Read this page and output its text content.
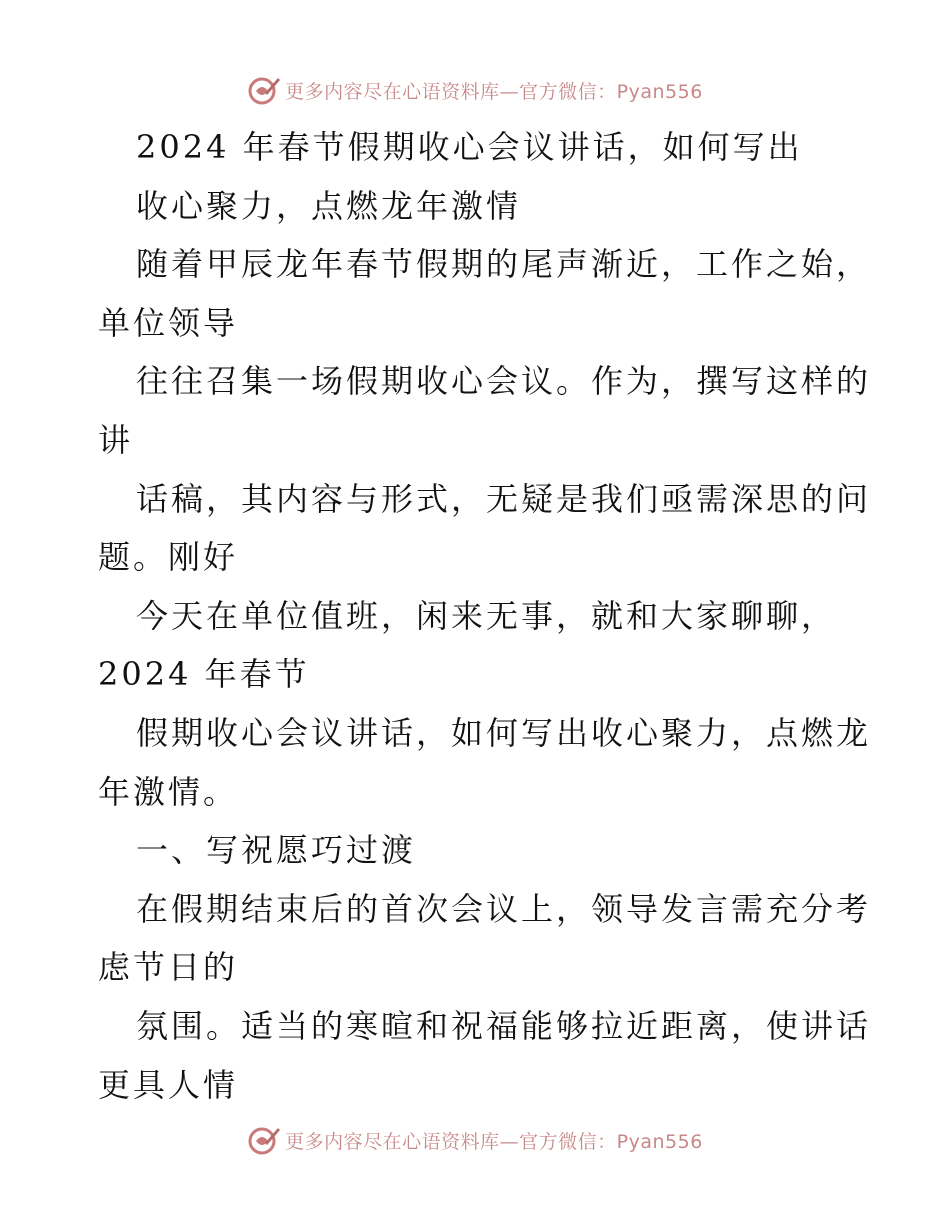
更多内容尽在心语资料库—官方微信：Pyan556
2024 年春节假期收心会议讲话，如何写出
收心聚力，点燃龙年激情
随着甲辰龙年春节假期的尾声渐近，工作之始，
单位领导
往往召集一场假期收心会议。作为，撰写这样的
讲
话稿，其内容与形式，无疑是我们亟需深思的问
题。刚好
今天在单位值班，闲来无事，就和大家聊聊，
2024 年春节
假期收心会议讲话，如何写出收心聚力，点燃龙
年激情。
一、写祝愿巧过渡
在假期结束后的首次会议上，领导发言需充分考
虑节日的
氛围。适当的寒暄和祝福能够拉近距离，使讲话
更具人情
更多内容尽在心语资料库—官方微信：Pyan556
